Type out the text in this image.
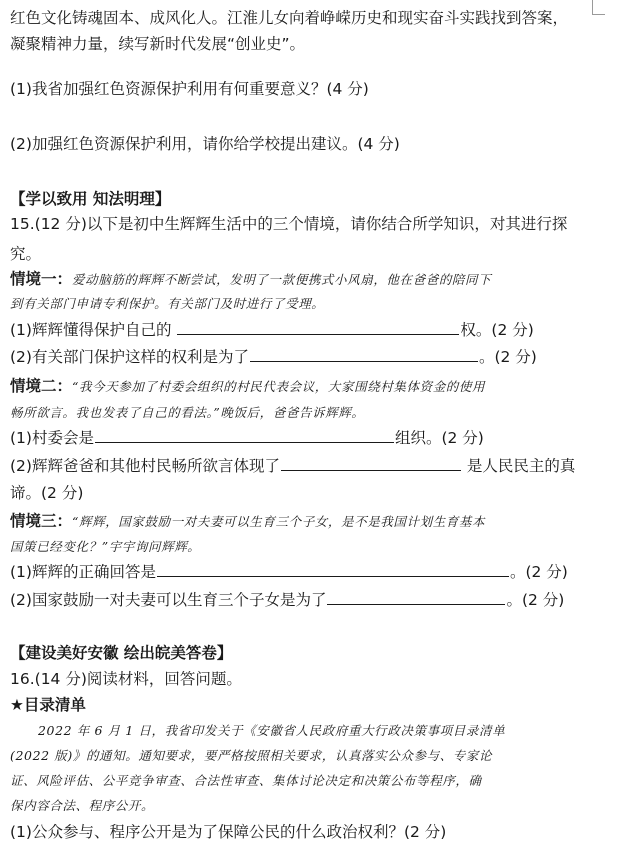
红色文化铸魂固本、成风化人。江淮儿女向着峥嵘历史和现实奋斗实践找到答案，
凝聚精神力量，续写新时代发展“创业史”。
(1)我省加强红色资源保护利用有何重要意义？(4 分)
(2)加强红色资源保护利用，请你给学校提出建议。(4 分)
【学以致用 知法明理】
15.(12 分)以下是初中生辉辉生活中的三个情境，请你结合所学知识，对其进行探
究。
情境一：爱动脑筋的辉辉不断尝试，发明了一款便携式小风扇，他在爸爸的陪同下
到有关部门申请专利保护。有关部门及时进行了受理。
(1)辉辉懂得保护自己的	权。(2 分)
(2)有关部门保护这样的权利是为了	。(2 分)
情境二：“我今天参加了村委会组织的村民代表会议，大家围绕村集体资金的使用
畅所欲言。我也发表了自己的看法。”晚饭后，爸爸告诉辉辉。
(1)村委会是	组织。(2 分)
(2)辉辉爸爸和其他村民畅所欲言体现了	是人民民主的真
谛。(2 分)
情境三：“辉辉，国家鼓励一对夫妻可以生育三个子女，是不是我国计划生育基本
国策已经变化？”宇宇询问辉辉。
(1)辉辉的正确回答是	。(2 分)
(2)国家鼓励一对夫妻可以生育三个子女是为了	。(2 分)
【建设美好安徽 绘出皖美答卷】
16.(14 分)阅读材料，回答问题。
★目录清单
2022 年 6 月 1 日，我省印发关于《安徽省人民政府重大行政决策事项目录清单
(2022 版)》的通知。通知要求，要严格按照相关要求，认真落实公众参与、专家论
证、风险评估、公平竞争审查、合法性审查、集体讨论决定和决策公布等程序，确
保内容合法、程序公开。
(1)公众参与、程序公开是为了保障公民的什么政治权利？(2 分)
